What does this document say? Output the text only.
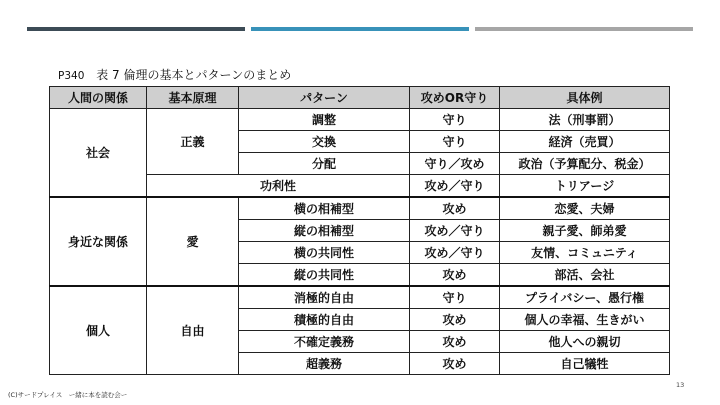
P340 表 7 倫理の基本とパターンのまとめ
人間の関係	基本原理	パターン	攻めOR守り	具体例
社会	正義	調整	守り	法（刑事罰）
		交換	守り	経済（売買）
		分配	守り／攻め	政治（予算配分、税金）
	功利性		攻め／守り	トリアージ
身近な関係	愛	横の相補型	攻め	恋愛、夫婦
		縦の相補型	攻め／守り	親子愛、師弟愛
		横の共同性	攻め／守り	友情、コミュニティ
		縦の共同性	攻め	部活、会社
個人	自由	消極的自由	守り	プライバシー、愚行権
		積極的自由	攻め	個人の幸福、生きがい
		不確定義務	攻め	他人への親切
		超義務	攻め	自己犠牲
(C)サードプレイス　ー緒に本を読む会ー
13
